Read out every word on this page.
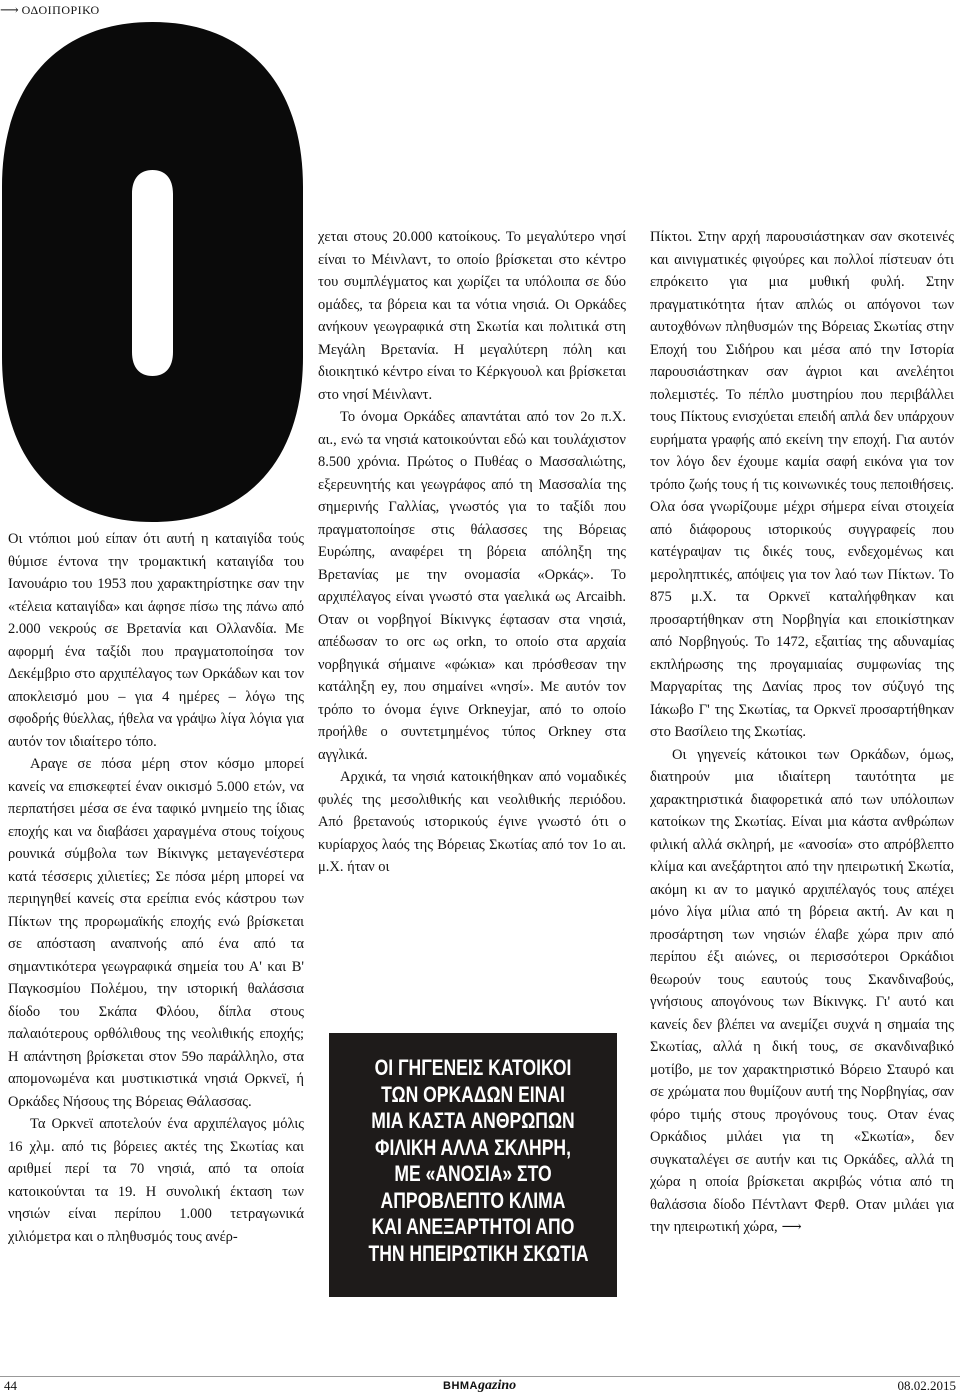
⟶ ΟΔΟΙΠΟΡΙΚΟ

Οι ντόπιοι μού είπαν ότι αυτή η καταιγίδα τούς θύμισε έντονα την τρομακτική καταιγίδα του Ιανουάριο του 1953 που χαρακτηρίστηκε σαν την «τέλεια καταιγίδα» και άφησε πίσω της πάνω από 2.000 νεκρούς σε Βρετανία και Ολλανδία. Με αφορμή ένα ταξίδι που πραγματοποίησα τον Δεκέμβριο στο αρχιπέλαγος των Ορκάδων και τον αποκλεισμό μου – για 4 ημέρες – λόγω της σφοδρής θύελλας, ήθελα να γράψω λίγα λόγια για αυτόν τον ιδιαίτερο τόπο.

Αραγε σε πόσα μέρη στον κόσμο μπορεί κανείς να επισκεφτεί έναν οικισμό 5.000 ετών, να περπατήσει μέσα σε ένα ταφικό μνημείο της ίδιας εποχής και να διαβάσει χαραγμένα στους τοίχους ρουνικά σύμβολα των Βίκινγκς μεταγενέστερα κατά τέσσερις χιλιετίες; Σε πόσα μέρη μπορεί να περιηγηθεί κανείς στα ερείπια ενός κάστρου των Πίκτων της προρωμαϊκής εποχής ενώ βρίσκεται σε απόσταση αναπνοής από ένα από τα σημαντικότερα γεωγραφικά σημεία του Α' και Β' Παγκοσμίου Πολέμου, την ιστορική θαλάσσια δίοδο του Σκάπα Φλόου, δίπλα στους παλαιότερους ορθόλιθους της νεολιθικής εποχής; Η απάντηση βρίσκεται στον 59ο παράλληλο, στα απομονωμένα και μυστικιστικά νησιά Ορκνεϊ, ή Ορκάδες Νήσους της Βόρειας Θάλασσας.

Τα Ορκνεϊ αποτελούν ένα αρχιπέλαγος μόλις 16 χλμ. από τις βόρειες ακτές της Σκωτίας και αριθμεί περί τα 70 νησιά, από τα οποία κατοικούνται τα 19. Η συνολική έκταση των νησιών είναι περίπου 1.000 τετραγωνικά χιλιόμετρα και ο πληθυσμός τους ανέρ-

χεται στους 20.000 κατοίκους. Το μεγαλύτερο νησί είναι το Μέινλαντ, το οποίο βρίσκεται στο κέντρο του συμπλέγματος και χωρίζει τα υπόλοιπα σε δύο ομάδες, τα βόρεια και τα νότια νησιά. Οι Ορκάδες ανήκουν γεωγραφικά στη Σκωτία και πολιτικά στη Μεγάλη Βρετανία. Η μεγαλύτερη πόλη και διοικητικό κέντρο είναι το Κέρκγουολ και βρίσκεται στο νησί Μέινλαντ.

Το όνομα Ορκάδες απαντάται από τον 2ο π.Χ. αι., ενώ τα νησιά κατοικούνται εδώ και τουλάχιστον 8.500 χρόνια. Πρώτος ο Πυθέας ο Μασσαλιώτης, εξερευνητής και γεωγράφος από τη Μασσαλία της σημερινής Γαλλίας, γνωστός για το ταξίδι που πραγματοποίησε στις θάλασσες της Βόρειας Ευρώπης, αναφέρει τη βόρεια απόληξη της Βρετανίας με την ονομασία «Ορκάς». Το αρχιπέλαγος είναι γνωστό στα γαελικά ως Arcaibh. Οταν οι νορβηγοί Βίκινγκς έφτασαν στα νησιά, απέδωσαν το orc ως orkn, το οποίο στα αρχαία νορβηγικά σήμαινε «φώκια» και πρόσθεσαν την κατάληξη ey, που σημαίνει «νησί». Με αυτόν τον τρόπο το όνομα έγινε Orkneyjar, από το οποίο προήλθε ο συντετμημένος τύπος Orkney στα αγγλικά.

Αρχικά, τα νησιά κατοικήθηκαν από νομαδικές φυλές της μεσολιθικής και νεολιθικής περιόδου. Από βρετανούς ιστορικούς έγινε γνωστό ότι ο κυρίαρχος λαός της Βόρειας Σκωτίας από τον 1ο αι. μ.Χ. ήταν οι

ΟΙ ΓΗΓΕΝΕΙΣ ΚΑΤΟΙΚΟΙ
ΤΩΝ ΟΡΚΑΔΩΝ ΕΙΝΑΙ
ΜΙΑ ΚΑΣΤΑ ΑΝΘΡΩΠΩΝ
ΦΙΛΙΚΗ ΑΛΛΑ ΣΚΛΗΡΗ,
ΜΕ «ΑΝΟΣΙΑ» ΣΤΟ
ΑΠΡΟΒΛΕΠΤΟ ΚΛΙΜΑ
ΚΑΙ ΑΝΕΞΑΡΤΗΤΟΙ ΑΠΟ
ΤΗΝ ΗΠΕΙΡΩΤΙΚΗ ΣΚΩΤΙΑ

Πίκτοι. Στην αρχή παρουσιάστηκαν σαν σκοτεινές και αινιγματικές φιγούρες και πολλοί πίστευαν ότι επρόκειτο για μια μυθική φυλή. Στην πραγματικότητα ήταν απλώς οι απόγονοι των αυτοχθόνων πληθυσμών της Βόρειας Σκωτίας στην Εποχή του Σιδήρου και μέσα από την Ιστορία παρουσιάστηκαν σαν άγριοι και ανελέητοι πολεμιστές. Το πέπλο μυστηρίου που περιβάλλει τους Πίκτους ενισχύεται επειδή απλά δεν υπάρχουν ευρήματα γραφής από εκείνη την εποχή. Για αυτόν τον λόγο δεν έχουμε καμία σαφή εικόνα για τον τρόπο ζωής τους ή τις κοινωνικές τους πεποιθήσεις. Ολα όσα γνωρίζουμε μέχρι σήμερα είναι στοιχεία από διάφορους ιστορικούς συγγραφείς που κατέγραψαν τις δικές τους, ενδεχομένως και μεροληπτικές, απόψεις για τον λαό των Πίκτων. Το 875 μ.Χ. τα Ορκνεϊ καταλήφθηκαν και προσαρτήθηκαν στη Νορβηγία και εποικίστηκαν από Νορβηγούς. Το 1472, εξαιτίας της αδυναμίας εκπλήρωσης της προγαμιαίας συμφωνίας της Μαργαρίτας της Δανίας προς τον σύζυγό της Ιάκωβο Γ' της Σκωτίας, τα Ορκνεϊ προσαρτήθηκαν στο Βασίλειο της Σκωτίας.

Οι γηγενείς κάτοικοι των Ορκάδων, όμως, διατηρούν μια ιδιαίτερη ταυτότητα με χαρακτηριστικά διαφορετικά από των υπόλοιπων κατοίκων της Σκωτίας. Είναι μια κάστα ανθρώπων φιλική αλλά σκληρή, με «ανοσία» στο απρόβλεπτο κλίμα και ανεξάρτητοι από την ηπειρωτική Σκωτία, ακόμη κι αν το μαγικό αρχιπέλαγός τους απέχει μόνο λίγα μίλια από τη βόρεια ακτή. Αν και η προσάρτηση των νησιών έλαβε χώρα πριν από περίπου έξι αιώνες, οι περισσότεροι Ορκάδιοι θεωρούν τους εαυτούς τους Σκανδιναβούς, γνήσιους απογόνους των Βίκινγκς. Γι' αυτό και κανείς δεν βλέπει να ανεμίζει συχνά η σημαία της Σκωτίας, αλλά η δική τους, σε σκανδιναβικό μοτίβο, με τον χαρακτηριστικό Βόρειο Σταυρό και σε χρώματα που θυμίζουν αυτή της Νορβηγίας, σαν φόρο τιμής στους προγόνους τους. Οταν ένας Ορκάδιος μιλάει για τη «Σκωτία», δεν συγκαταλέγει σε αυτήν και τις Ορκάδες, αλλά τη χώρα η οποία βρίσκεται ακριβώς νότια από τη θαλάσσια δίοδο Πέντλαντ Φερθ. Οταν μιλάει για την ηπειρωτική χώρα, ⟶

44	ΒΗΜΑgazino	08.02.2015
